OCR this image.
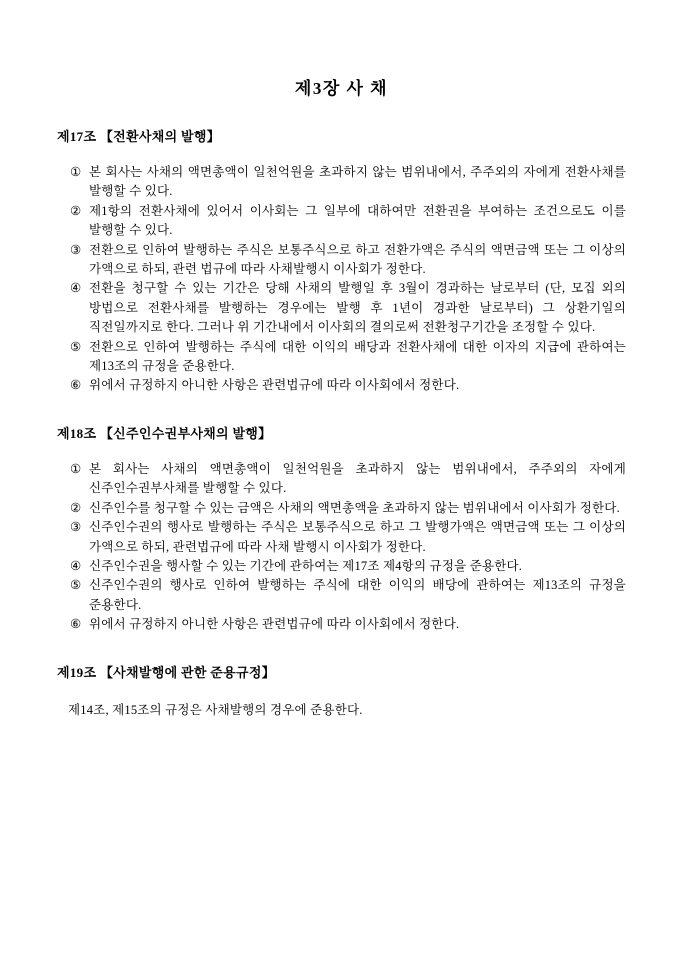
제3장 사 채
제17조 【전환사채의 발행】
① 본 회사는 사채의 액면총액이 일천억원을 초과하지 않는 범위내에서, 주주외의 자에게 전환사채를 발행할 수 있다.
② 제1항의 전환사채에 있어서 이사회는 그 일부에 대하여만 전환권을 부여하는 조건으로도 이를 발행할 수 있다.
③ 전환으로 인하여 발행하는 주식은 보통주식으로 하고 전환가액은 주식의 액면금액 또는 그 이상의 가액으로 하되, 관련 법규에 따라 사채발행시 이사회가 정한다.
④ 전환을 청구할 수 있는 기간은 당해 사채의 발행일 후 3월이 경과하는 날로부터 (단, 모집 외의 방법으로 전환사채를 발행하는 경우에는 발행 후 1년이 경과한 날로부터) 그 상환기일의 직전일까지로 한다. 그러나 위 기간내에서 이사회의 결의로써 전환청구기간을 조정할 수 있다.
⑤ 전환으로 인하여 발행하는 주식에 대한 이익의 배당과 전환사채에 대한 이자의 지급에 관하여는 제13조의 규정을 준용한다.
⑥ 위에서 규정하지 아니한 사항은 관련법규에 따라 이사회에서 정한다.
제18조 【신주인수권부사채의 발행】
① 본 회사는 사채의 액면총액이 일천억원을 초과하지 않는 범위내에서, 주주외의 자에게 신주인수권부사채를 발행할 수 있다.
② 신주인수를 청구할 수 있는 금액은 사채의 액면총액을 초과하지 않는 범위내에서 이사회가 정한다.
③ 신주인수권의 행사로 발행하는 주식은 보통주식으로 하고 그 발행가액은 액면금액 또는 그 이상의 가액으로 하되, 관련법규에 따라 사채 발행시 이사회가 정한다.
④ 신주인수권을 행사할 수 있는 기간에 관하여는 제17조 제4항의 규정을 준용한다.
⑤ 신주인수권의 행사로 인하여 발행하는 주식에 대한 이익의 배당에 관하여는 제13조의 규정을 준용한다.
⑥ 위에서 규정하지 아니한 사항은 관련법규에 따라 이사회에서 정한다.
제19조 【사채발행에 관한 준용규정】

제14조, 제15조의 규정은 사채발행의 경우에 준용한다.
